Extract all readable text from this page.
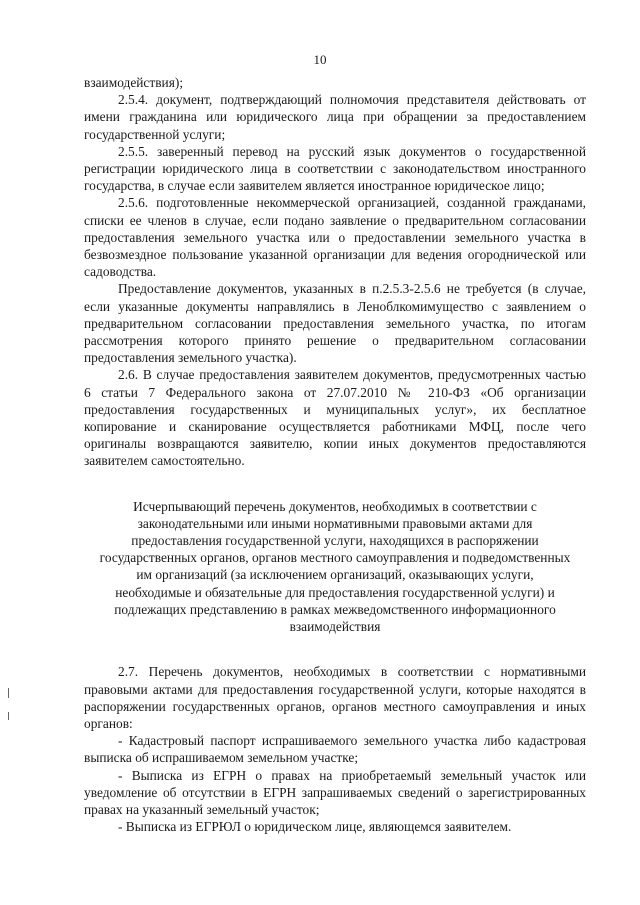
10

взаимодействия);

2.5.4. документ, подтверждающий полномочия представителя действовать от имени гражданина или юридического лица при обращении за предоставлением государственной услуги;

2.5.5. заверенный перевод на русский язык документов о государственной регистрации юридического лица в соответствии с законодательством иностранного государства, в случае если заявителем является иностранное юридическое лицо;

2.5.6. подготовленные некоммерческой организацией, созданной гражданами, списки ее членов в случае, если подано заявление о предварительном согласовании предоставления земельного участка или о предоставлении земельного участка в безвозмездное пользование указанной организации для ведения огороднической или садоводства.

Предоставление документов, указанных в п.2.5.3-2.5.6 не требуется (в случае, если указанные документы направлялись в Леноблкомимущество с заявлением о предварительном согласовании предоставления земельного участка, по итогам рассмотрения которого принято решение о предварительном согласовании предоставления земельного участка).

2.6. В случае предоставления заявителем документов, предусмотренных частью 6 статьи 7 Федерального закона от 27.07.2010 № 210-ФЗ «Об организации предоставления государственных и муниципальных услуг», их бесплатное копирование и сканирование осуществляется работниками МФЦ, после чего оригиналы возвращаются заявителю, копии иных документов предоставляются заявителем самостоятельно.

Исчерпывающий перечень документов, необходимых в соответствии с законодательными или иными нормативными правовыми актами для предоставления государственной услуги, находящихся в распоряжении государственных органов, органов местного самоуправления и подведомственных им организаций (за исключением организаций, оказывающих услуги, необходимые и обязательные для предоставления государственной услуги) и подлежащих представлению в рамках межведомственного информационного взаимодействия

2.7. Перечень документов, необходимых в соответствии с нормативными правовыми актами для предоставления государственной услуги, которые находятся в распоряжении государственных органов, органов местного самоуправления и иных органов:

- Кадастровый паспорт испрашиваемого земельного участка либо кадастровая выписка об испрашиваемом земельном участке;

- Выписка из ЕГРН о правах на приобретаемый земельный участок или уведомление об отсутствии в ЕГРН запрашиваемых сведений о зарегистрированных правах на указанный земельный участок;

- Выписка из ЕГРЮЛ о юридическом лице, являющемся заявителем.
